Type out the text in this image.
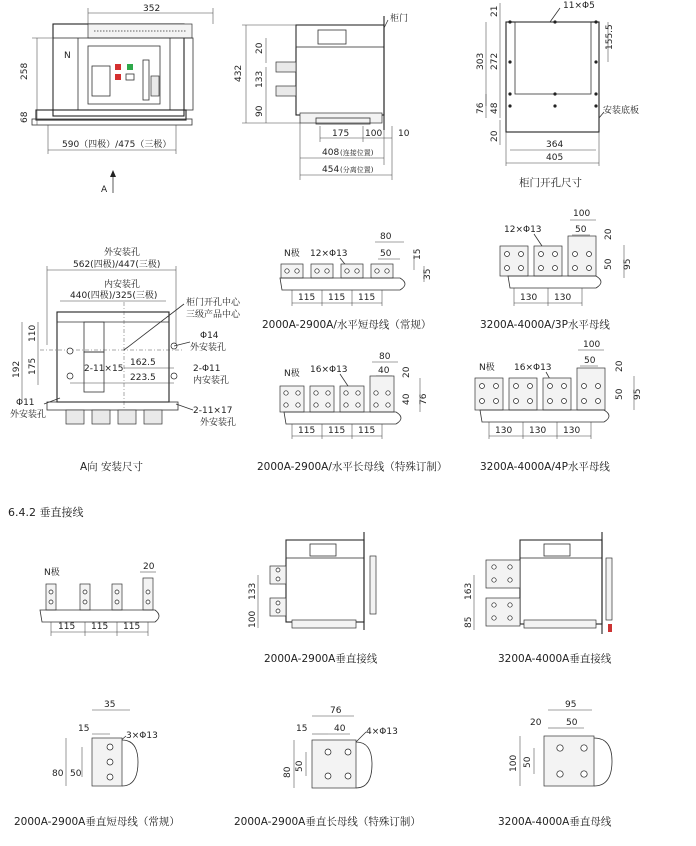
352
N
258
68
590（四极）/475（三极）
A
柜门
432
20
133
90
175 100 10
408 (连接位置)
454 (分离位置)
11×Φ5
21
303 272
155.5
76 48
20
安装底板
364
405
柜门开孔尺寸
外安装孔
562(四极)/447(三极)
内安装孔
440(四极)/325(三极)
柜门开孔中心
三级产品中心
Φ14
外安装孔
110
175
192	2-11×15
162.5
223.5
2-Φ11
内安装孔
Φ11
外安装孔	2-11×17
外安装孔
A向 安装尺寸
N极 12×Φ13
80
50 15
35
115 115 115
2000A-2900A/水平短母线（常规）
12×Φ13
100
50 20
50 95
130 130
3200A-4000A/3P水平母线
N极 16×Φ13
80
40 20
40 76
115 115 115
2000A-2900A/水平长母线（特殊订制）
N极 16×Φ13
100
50 20
50 95
130 130 130
3200A-4000A/4P水平母线
6.4.2 垂直接线
N极
20
115 115 115
133
100
2000A-2900A垂直接线
163
85
3200A-4000A垂直接线
35
15
3×Φ13
80 50
2000A-2900A垂直短母线（常规）
76
15	40 4×Φ13
80
50
2000A-2900A垂直长母线（特殊订制）
95
20	50
100 50
3200A-4000A垂直母线
